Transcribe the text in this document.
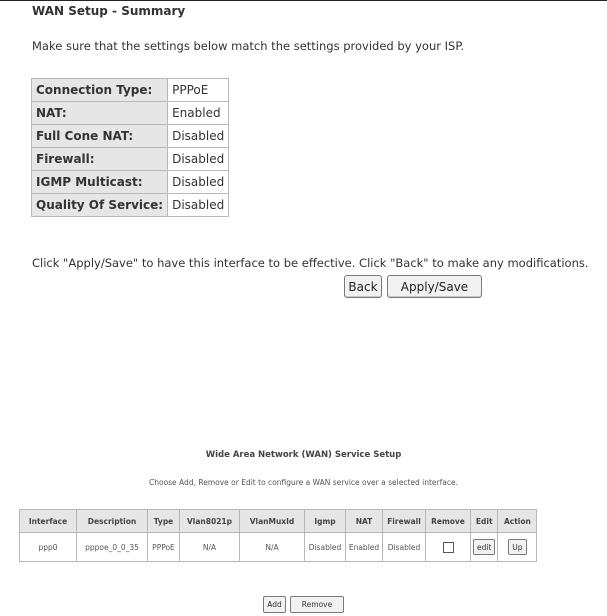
WAN Setup - Summary
Make sure that the settings below match the settings provided by your ISP.
Connection Type:	PPPoE
NAT:	Enabled
Full Cone NAT:	Disabled
Firewall:	Disabled
IGMP Multicast:	Disabled
Quality Of Service:	Disabled
Click "Apply/Save" to have this interface to be effective. Click "Back" to make any modifications.
Back	Apply/Save
Wide Area Network (WAN) Service Setup
Choose Add, Remove or Edit to configure a WAN service over a selected interface.
Interface	Description	Type	Vlan8021p	VlanMuxId	Igmp	NAT	Firewall	Remove	Edit	Action
ppp0	pppoe_0_0_35	PPPoE	N/A	N/A	Disabled	Enabled	Disabled		edit	Up
Add	Remove
